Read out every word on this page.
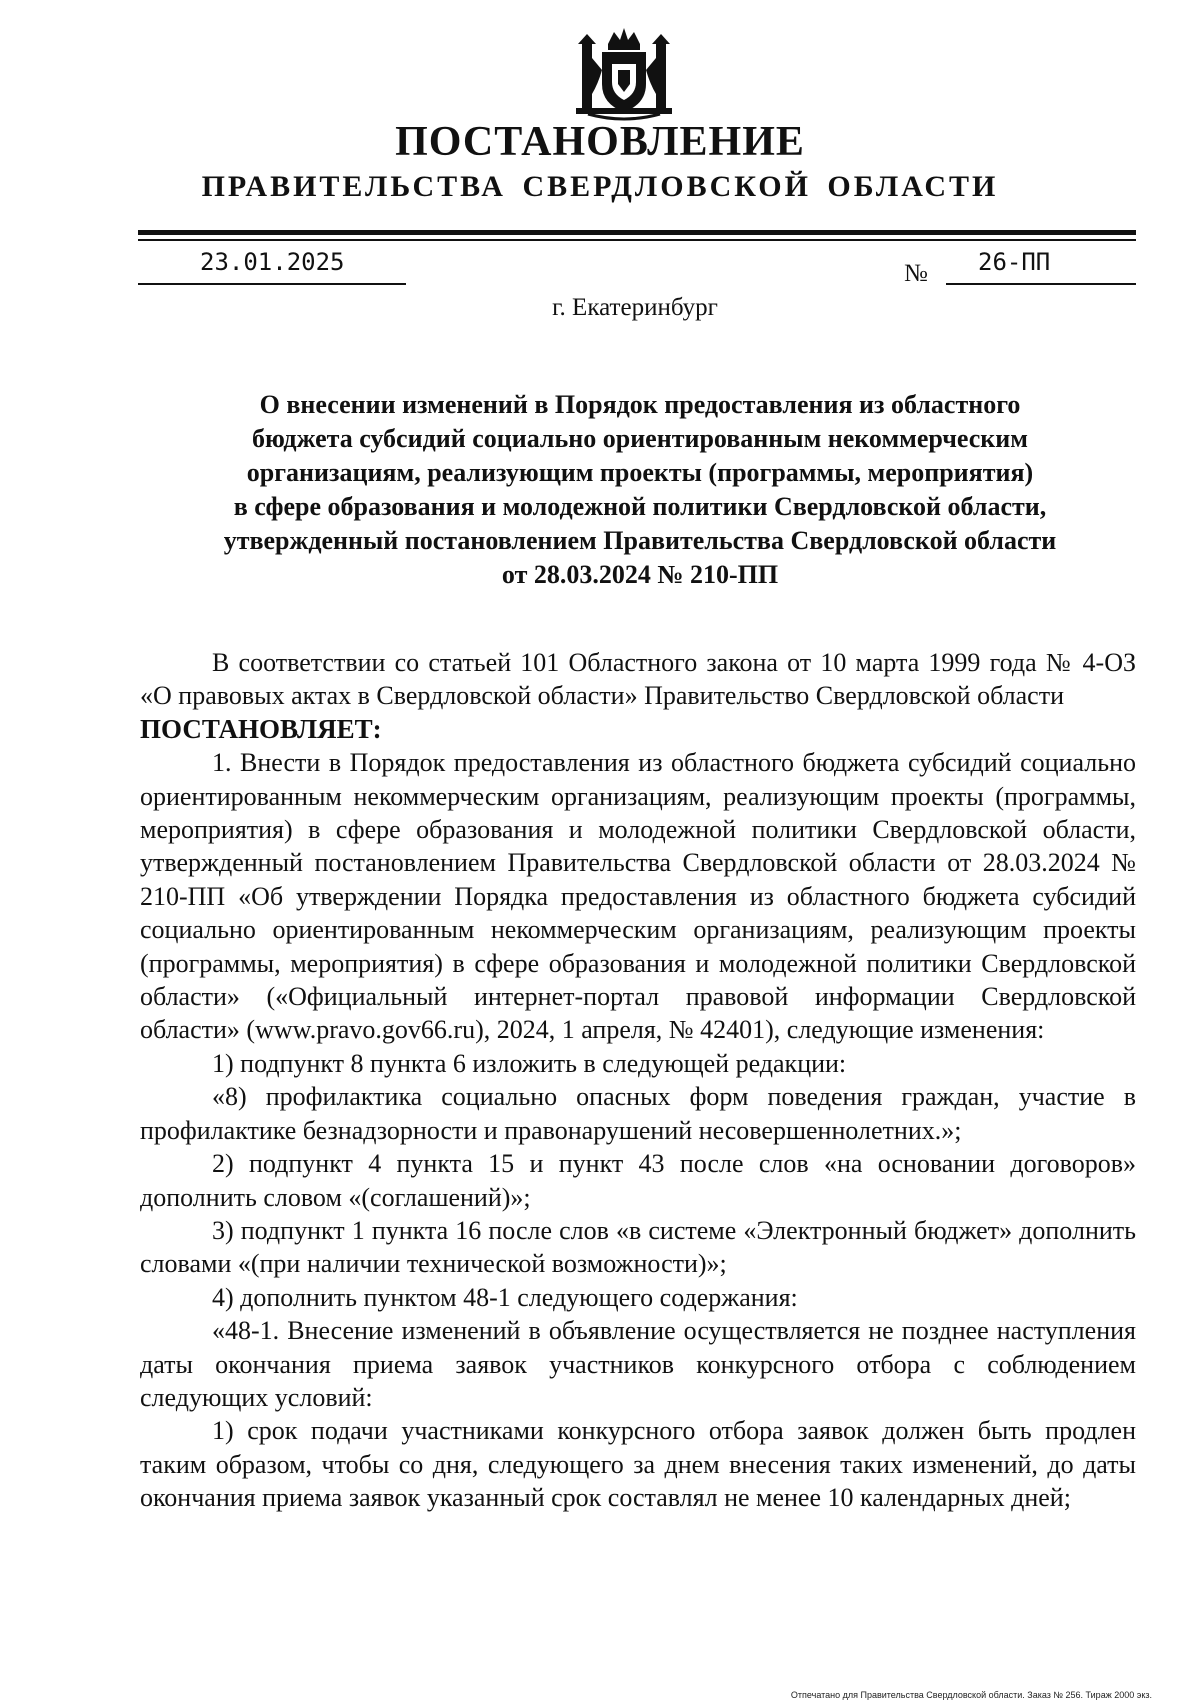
ПОСТАНОВЛЕНИЕ
ПРАВИТЕЛЬСТВА СВЕРДЛОВСКОЙ ОБЛАСТИ
23.01.2025	№ 26-ПП
г. Екатеринбург
О внесении изменений в Порядок предоставления из областного
бюджета субсидий социально ориентированным некоммерческим
организациям, реализующим проекты (программы, мероприятия)
в сфере образования и молодежной политики Свердловской области,
утвержденный постановлением Правительства Свердловской области
от 28.03.2024 № 210-ПП

В соответствии со статьей 101 Областного закона от 10 марта 1999 года № 4-ОЗ «О правовых актах в Свердловской области» Правительство Свердловской области

ПОСТАНОВЛЯЕТ:

1. Внести в Порядок предоставления из областного бюджета субсидий социально ориентированным некоммерческим организациям, реализующим проекты (программы, мероприятия) в сфере образования и молодежной политики Свердловской области, утвержденный постановлением Правительства Свердловской области от 28.03.2024 № 210-ПП «Об утверждении Порядка предоставления из областного бюджета субсидий социально ориентированным некоммерческим организациям, реализующим проекты (программы, мероприятия) в сфере образования и молодежной политики Свердловской области» («Официальный интернет-портал правовой информации Свердловской области» (www.pravo.gov66.ru), 2024, 1 апреля, № 42401), следующие изменения:

1) подпункт 8 пункта 6 изложить в следующей редакции:

«8) профилактика социально опасных форм поведения граждан, участие в профилактике безнадзорности и правонарушений несовершеннолетних.»;

2) подпункт 4 пункта 15 и пункт 43 после слов «на основании договоров» дополнить словом «(соглашений)»;

3) подпункт 1 пункта 16 после слов «в системе «Электронный бюджет» дополнить словами «(при наличии технической возможности)»;

4) дополнить пунктом 48-1 следующего содержания:

«48-1. Внесение изменений в объявление осуществляется не позднее наступления даты окончания приема заявок участников конкурсного отбора с соблюдением следующих условий:

1) срок подачи участниками конкурсного отбора заявок должен быть продлен таким образом, чтобы со дня, следующего за днем внесения таких изменений, до даты окончания приема заявок указанный срок составлял не менее 10 календарных дней;

Отпечатано для Правительства Свердловской области. Заказ № 256. Тираж 2000 экз.
